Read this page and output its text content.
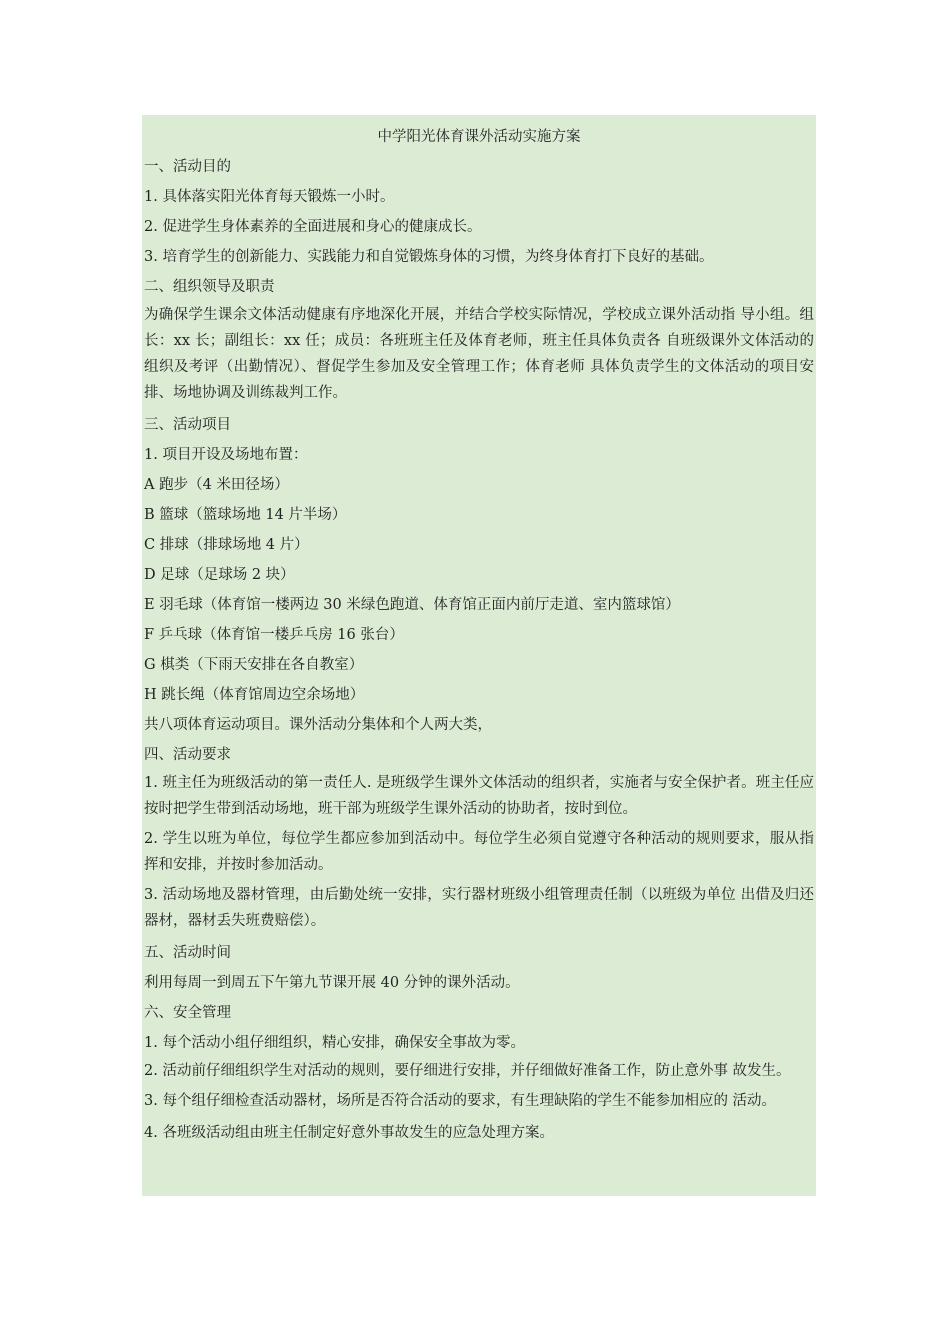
中学阳光体育课外活动实施方案

一、活动目的

1. 具体落实阳光体育每天锻炼一小时。

2. 促进学生身体素养的全面进展和身心的健康成长。

3. 培育学生的创新能力、实践能力和自觉锻炼身体的习惯，为终身体育打下良好的基础。

二、组织领导及职责

为确保学生课余文体活动健康有序地深化开展，并结合学校实际情况，学校成立课外活动指 导小组。组长：xx 长；副组长：xx 任；成员：各班班主任及体育老师，班主任具体负责各 自班级课外文体活动的组织及考评（出勤情况）、督促学生参加及安全管理工作；体育老师 具体负责学生的文体活动的项目安排、场地协调及训练裁判工作。

三、活动项目

1. 项目开设及场地布置：

A 跑步（4 米田径场）

B 篮球（篮球场地 14 片半场）

C 排球（排球场地 4 片）

D 足球（足球场 2 块）

E 羽毛球（体育馆一楼两边 30 米绿色跑道、体育馆正面内前厅走道、室内篮球馆）

F 乒乓球（体育馆一楼乒乓房 16 张台）

G 棋类（下雨天安排在各自教室）

H 跳长绳（体育馆周边空余场地）

共八项体育运动项目。课外活动分集体和个人两大类，

四、活动要求

1. 班主任为班级活动的第一责任人. 是班级学生课外文体活动的组织者，实施者与安全保护者。班主任应按时把学生带到活动场地，班干部为班级学生课外活动的协助者，按时到位。

2. 学生以班为单位，每位学生都应参加到活动中。每位学生必须自觉遵守各种活动的规则要求，服从指挥和安排，并按时参加活动。

3. 活动场地及器材管理，由后勤处统一安排，实行器材班级小组管理责任制（以班级为单位 出借及归还器材，器材丢失班费赔偿）。

五、活动时间

利用每周一到周五下午第九节课开展 40 分钟的课外活动。

六、安全管理

1. 每个活动小组仔细组织，精心安排，确保安全事故为零。

2. 活动前仔细组织学生对活动的规则，要仔细进行安排，并仔细做好准备工作，防止意外事 故发生。

3. 每个组仔细检查活动器材，场所是否符合活动的要求，有生理缺陷的学生不能参加相应的 活动。

4. 各班级活动组由班主任制定好意外事故发生的应急处理方案。
